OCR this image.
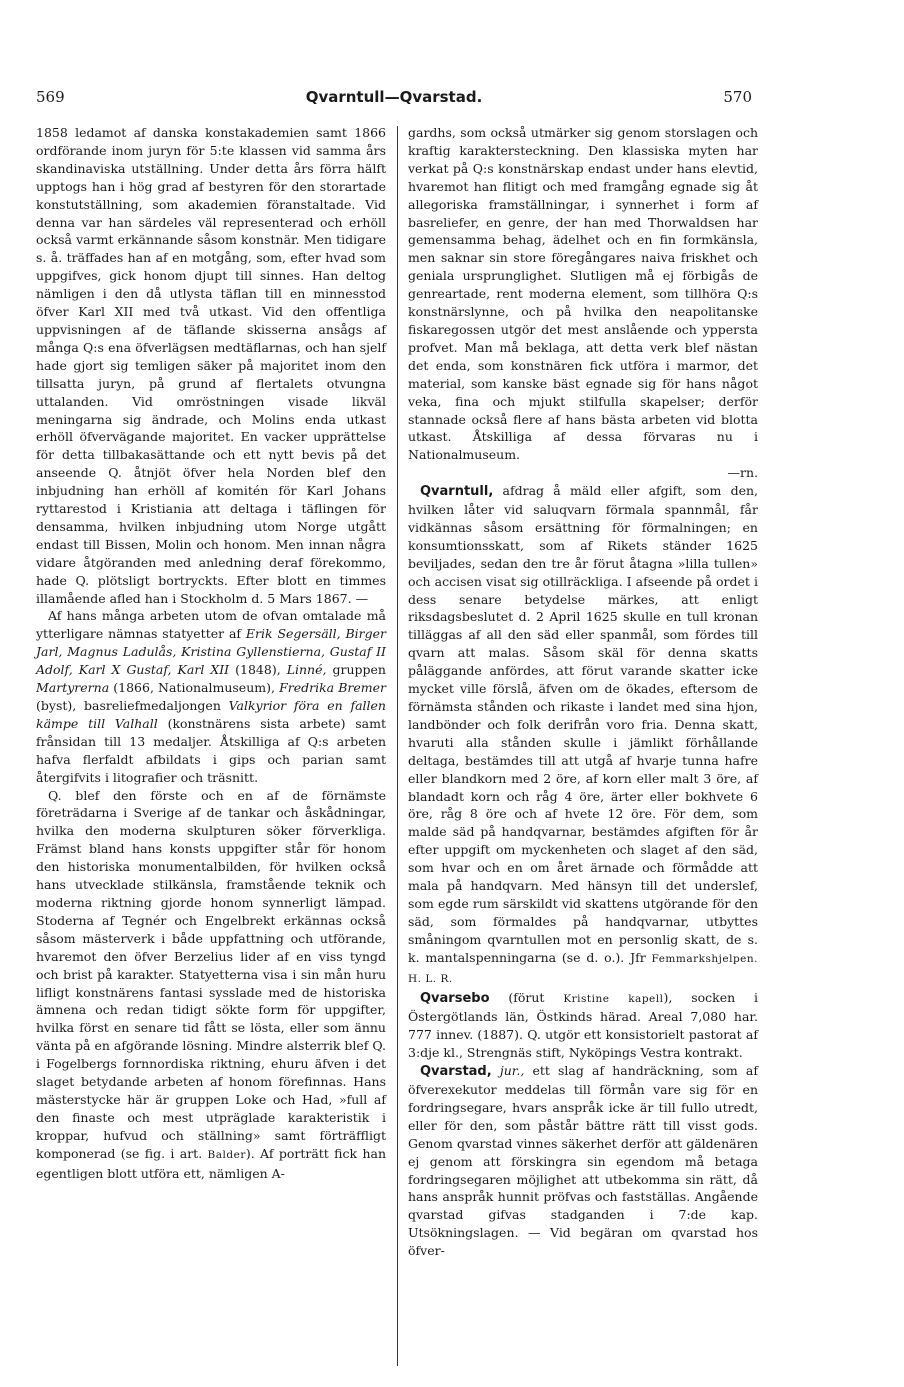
569	Qvarntull—Qvarstad.	570

1858 ledamot af danska konstakademien samt 1866 ordförande inom juryn för 5:te klassen vid samma års skandinaviska utställning. Under detta års förra hälft upptogs han i hög grad af bestyren för den storartade konstutställning, som akademien föranstaltade. Vid denna var han särdeles väl representerad och erhöll också varmt erkännande såsom konstnär. Men tidigare s. å. träffades han af en motgång, som, efter hvad som uppgifves, gick honom djupt till sinnes. Han deltog nämligen i den då utlysta täflan till en minnesstod öfver Karl XII med två utkast. Vid den offentliga uppvisningen af de täflande skisserna ansågs af många Q:s ena öfverlägsen medtäflarnas, och han sjelf hade gjort sig temligen säker på majoritet inom den tillsatta juryn, på grund af flertalets otvungna uttalanden. Vid omröstningen visade likväl meningarna sig ändrade, och Molins enda utkast erhöll öfvervägande majoritet. En vacker upprättelse för detta tillbakasättande och ett nytt bevis på det anseende Q. åtnjöt öfver hela Norden blef den inbjudning han erhöll af komitén för Karl Johans ryttarestod i Kristiania att deltaga i täflingen för densamma, hvilken inbjudning utom Norge utgått endast till Bissen, Molin och honom. Men innan några vidare åtgöranden med anledning deraf förekommo, hade Q. plötsligt bortryckts. Efter blott en timmes illamående afled han i Stockholm d. 5 Mars 1867. —

Af hans många arbeten utom de ofvan omtalade må ytterligare nämnas statyetter af Erik Segersäll, Birger Jarl, Magnus Ladulås, Kristina Gyllenstierna, Gustaf II Adolf, Karl X Gustaf, Karl XII (1848), Linné, gruppen Martyrerna (1866, Nationalmuseum), Fredrika Bremer (byst), basreliefmedaljongen Valkyrior föra en fallen kämpe till Valhall (konstnärens sista arbete) samt frånsidan till 13 medaljer. Åtskilliga af Q:s arbeten hafva flerfaldt afbildats i gips och parian samt återgifvits i litografier och träsnitt.

Q. blef den förste och en af de förnämste företrädarna i Sverige af de tankar och åskådningar, hvilka den moderna skulpturen söker förverkliga. Främst bland hans konsts uppgifter står för honom den historiska monumentalbilden, för hvilken också hans utvecklade stilkänsla, framstående teknik och moderna riktning gjorde honom synnerligt lämpad. Stoderna af Tegnér och Engelbrekt erkännas också såsom mästerverk i både uppfattning och utförande, hvaremot den öfver Berzelius lider af en viss tyngd och brist på karakter. Statyetterna visa i sin mån huru lifligt konstnärens fantasi sysslade med de historiska ämnena och redan tidigt sökte form för uppgifter, hvilka först en senare tid fått se lösta, eller som ännu vänta på en afgörande lösning. Mindre alsterrik blef Q. i Fogelbergs fornnordiska riktning, ehuru äfven i det slaget betydande arbeten af honom förefinnas. Hans mästerstycke här är gruppen Loke och Had, »full af den finaste och mest utpräglade karakteristik i kroppar, hufvud och ställning» samt förträffligt komponerad (se fig. i art. Balder). Af porträtt fick han egentligen blott utföra ett, nämligen A-

gardhs, som också utmärker sig genom storslagen och kraftig karaktersteckning. Den klassiska myten har verkat på Q:s konstnärskap endast under hans elevtid, hvaremot han flitigt och med framgång egnade sig åt allegoriska framställningar, i synnerhet i form af basreliefer, en genre, der han med Thorwaldsen har gemensamma behag, ädelhet och en fin formkänsla, men saknar sin store föregångares naiva friskhet och geniala ursprunglighet. Slutligen må ej förbigås de genreartade, rent moderna element, som tillhöra Q:s konstnärslynne, och på hvilka den neapolitanske fiskaregossen utgör det mest anslående och yppersta profvet. Man må beklaga, att detta verk blef nästan det enda, som konstnären fick utföra i marmor, det material, som kanske bäst egnade sig för hans något veka, fina och mjukt stilfulla skapelser; derför stannade också flere af hans bästa arbeten vid blotta utkast. Åtskilliga af dessa förvaras nu i Nationalmuseum.

—rn.

Qvarntull, afdrag å mäld eller afgift, som den, hvilken låter vid saluqvarn förmala spannmål, får vidkännas såsom ersättning för förmalningen; en konsumtionsskatt, som af Rikets ständer 1625 beviljades, sedan den tre år förut åtagna »lilla tullen» och accisen visat sig otillräckliga. I afseende på ordet i dess senare betydelse märkes, att enligt riksdagsbeslutet d. 2 April 1625 skulle en tull kronan tilläggas af all den säd eller spanmål, som fördes till qvarn att malas. Såsom skäl för denna skatts påläggande anfördes, att förut varande skatter icke mycket ville förslå, äfven om de ökades, eftersom de förnämsta stånden och rikaste i landet med sina hjon, landbönder och folk derifrån voro fria. Denna skatt, hvaruti alla stånden skulle i jämlikt förhållande deltaga, bestämdes till att utgå af hvarje tunna hafre eller blandkorn med 2 öre, af korn eller malt 3 öre, af blandadt korn och råg 4 öre, ärter eller bokhvete 6 öre, råg 8 öre och af hvete 12 öre. För dem, som malde säd på handqvarnar, bestämdes afgiften för år efter uppgift om myckenheten och slaget af den säd, som hvar och en om året ärnade och förmådde att mala på handqvarn. Med hänsyn till det underslef, som egde rum särskildt vid skattens utgörande för den säd, som förmaldes på handqvarnar, utbyttes småningom qvarntullen mot en personlig skatt, de s. k. mantalspenningarna (se d. o.). Jfr Femmarkshjelpen. H. L. R.

Qvarsebo (förut Kristine kapell), socken i Östergötlands län, Östkinds härad. Areal 7,080 har. 777 innev. (1887). Q. utgör ett konsistorielt pastorat af 3:dje kl., Strengnäs stift, Nyköpings Vestra kontrakt.

Qvarstad, jur., ett slag af handräckning, som af öfverexekutor meddelas till förmån vare sig för en fordringsegare, hvars anspråk icke är till fullo utredt, eller för den, som påstår bättre rätt till visst gods. Genom qvarstad vinnes säkerhet derför att gäldenären ej genom att förskingra sin egendom må betaga fordringsegaren möjlighet att utbekomma sin rätt, då hans anspråk hunnit pröfvas och fastställas. Angående qvarstad gifvas stadganden i 7:de kap. Utsökningslagen. — Vid begäran om qvarstad hos öfver-
